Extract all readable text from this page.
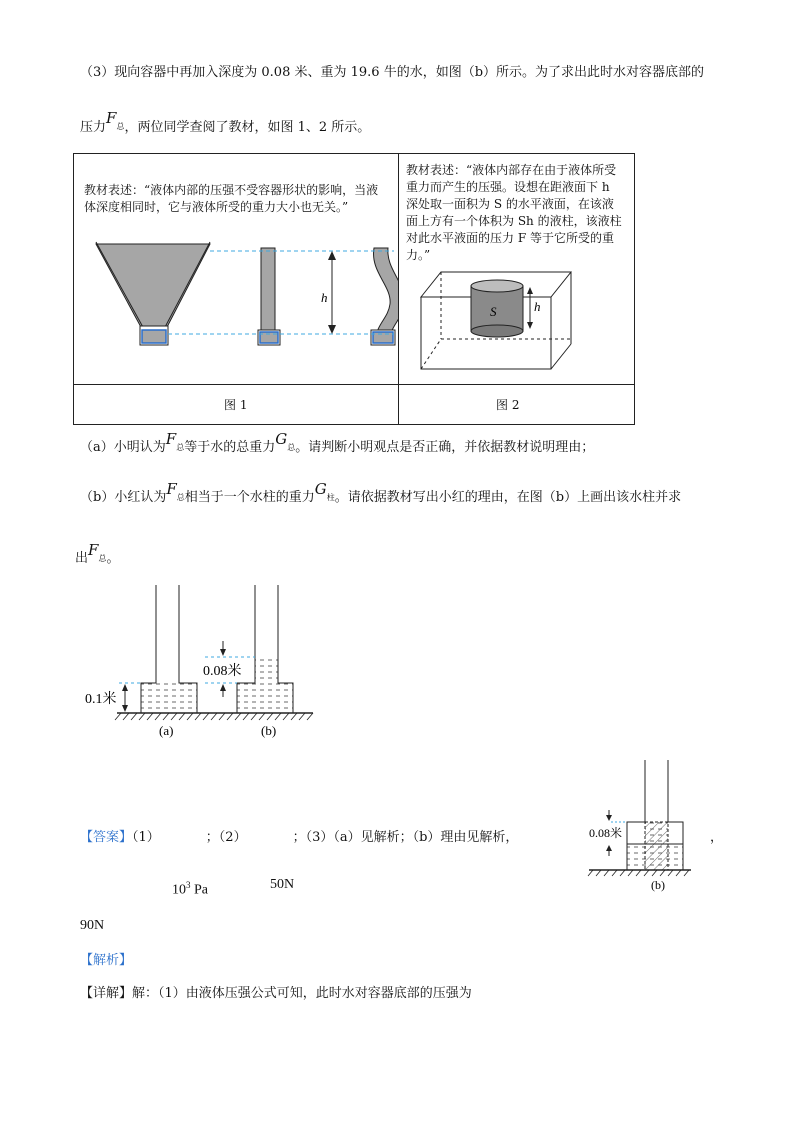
（3）现向容器中再加入深度为 0.08 米、重为 19.6 牛的水，如图（b）所示。为了求出此时水对容器底部的
压力$F_总$，两位同学查阅了教材，如图 1、2 所示。
教材表述：“液体内部的压强不受容器形状的影响，当液体深度相同时，它与液体所受的重力大小也无关。”
教材表述：“液体内部存在由于液体所受重力而产生的压强。设想在距液面下 h 深处取一面积为 S 的水平液面，在该液面上方有一个体积为 Sh 的液柱，该液柱对此水平液面的压力 F 等于它所受的重力。”
h
S	h
图 1	图 2
（a）小明认为$F_总$等于水的总重力$G_总$。请判断小明观点是否正确，并依据教材说明理由；
（b）小红认为$F_总$相当于一个水柱的重力$G_柱$。请依据教材写出小红的理由，在图（b）上画出该水柱并求
出$F_总$。
0.08米
0.1米
(a)	(b)
【答案】（1）	；（2）	；（3）（a）见解析；（b）理由见解析，	，
$10^3$ Pa	50N
90N
0.08米
(b)
【解析】
【详解】解：（1）由液体压强公式可知，此时水对容器底部的压强为
